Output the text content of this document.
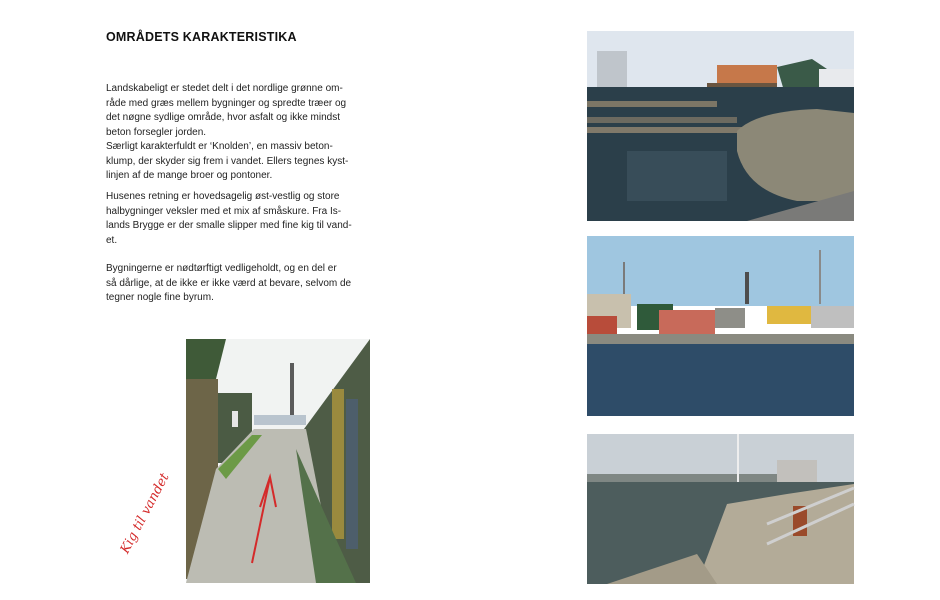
OMRÅDETS KARAKTERISTIKA

Landskabeligt er stedet delt i det nordlige grønne om-
råde med græs mellem bygninger og spredte træer og
det nøgne sydlige område, hvor asfalt og ikke mindst
beton forsegler jorden.
Særligt karakterfuldt er ‘Knolden’, en massiv beton-
klump, der skyder sig frem i vandet. Ellers tegnes kyst-
linjen af de mange broer og pontoner.

Husenes retning er hovedsagelig øst-vestlig og store
halbygninger veksler med et mix af småskure. Fra Is-
lands Brygge er der smalle slipper med fine kig til vand-
et.

Bygningerne er nødtørftigt vedligeholdt, og en del er
så dårlige, at de ikke er ikke værd at bevare, selvom de
tegner nogle fine byrum.

Kig til vandet
